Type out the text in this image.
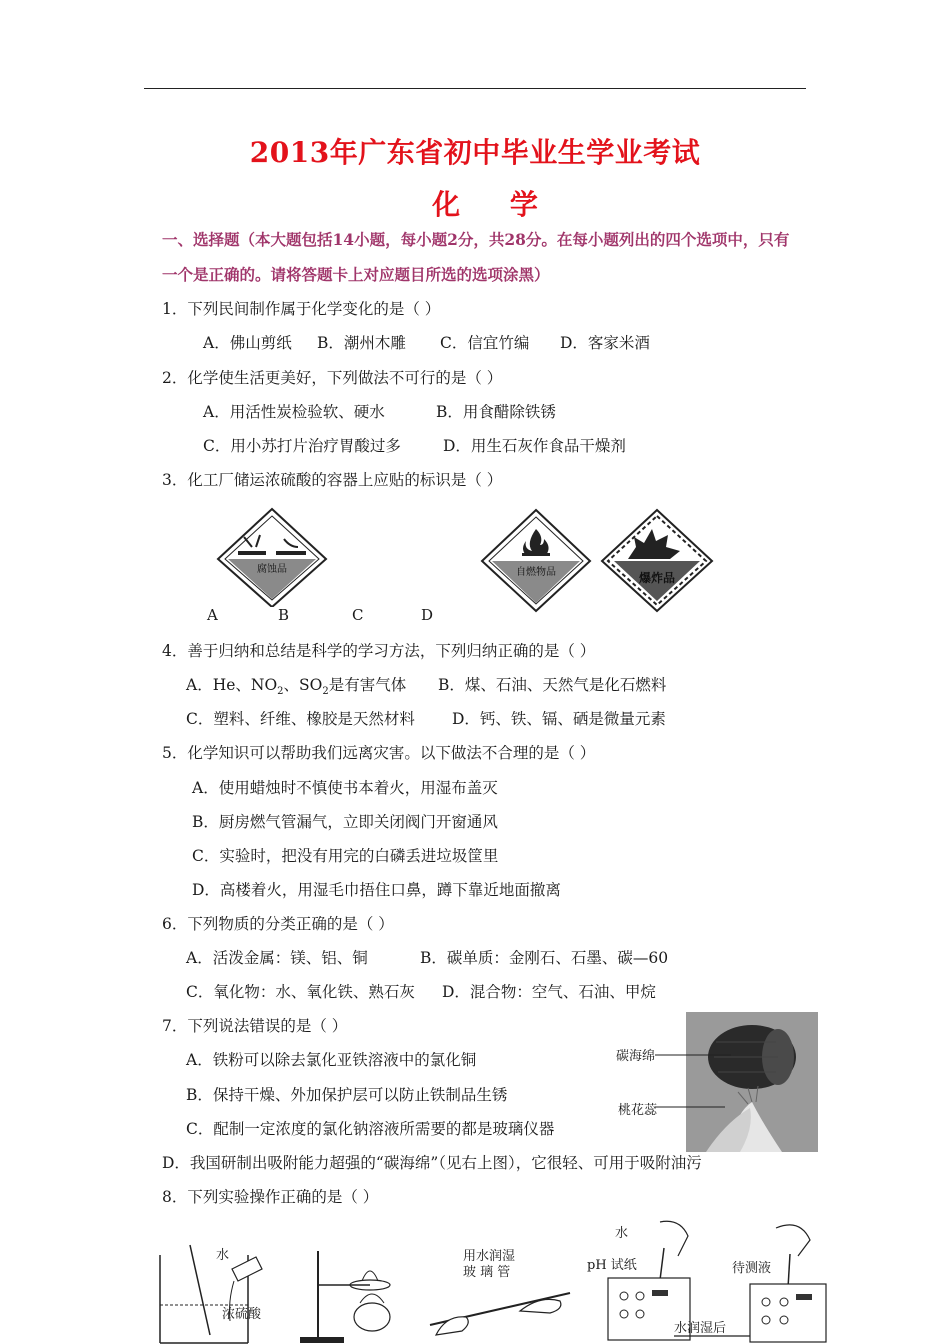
2013年广东省初中毕业生学业考试
化 学
一、选择题（本大题包括14小题，每小题2分，共28分。在每小题列出的四个选项中，只有
一个是正确的。请将答题卡上对应题目所选的选项涂黑）
1．下列民间制作属于化学变化的是（ ）
A．佛山剪纸 B．潮州木雕 C．信宜竹编 D．客家米酒
2．化学使生活更美好，下列做法不可行的是（ ）
A．用活性炭检验软、硬水	B．用食醋除铁锈
C．用小苏打片治疗胃酸过多	D．用生石灰作食品干燥剂
3．化工厂储运浓硫酸的容器上应贴的标识是（ ）
腐蚀品	自燃物品	爆炸品
A	B	C	D
4．善于归纳和总结是科学的学习方法，下列归纳正确的是（ ）
A．He、$NO_2$、$SO_2$是有害气体 B．煤、石油、天然气是化石燃料
C．塑料、纤维、橡胶是天然材料 D．钙、铁、镉、硒是微量元素
5．化学知识可以帮助我们远离灾害。以下做法不合理的是（ ）
A．使用蜡烛时不慎使书本着火，用湿布盖灭
B．厨房燃气管漏气，立即关闭阀门开窗通风
C．实验时，把没有用完的白磷丢进垃圾筐里
D．高楼着火，用湿毛巾捂住口鼻，蹲下靠近地面撤离
6．下列物质的分类正确的是（ ）
A．活泼金属：镁、铝、铜	B．碳单质：金刚石、石墨、碳—60
C．氧化物：水、氧化铁、熟石灰 D．混合物：空气、石油、甲烷
7．下列说法错误的是（ ）
A．铁粉可以除去氯化亚铁溶液中的氯化铜
B．保持干燥、外加保护层可以防止铁制品生锈
C．配制一定浓度的氯化钠溶液所需要的都是玻璃仪器
碳海绵
桃花蕊
D．我国研制出吸附能力超强的“碳海绵”（见右上图），它很轻、可用于吸附油污
8．下列实验操作正确的是（ ）
水
浓硫酸
用水润湿
玻 璃 管
水
pH 试纸	待测液
水润湿后
